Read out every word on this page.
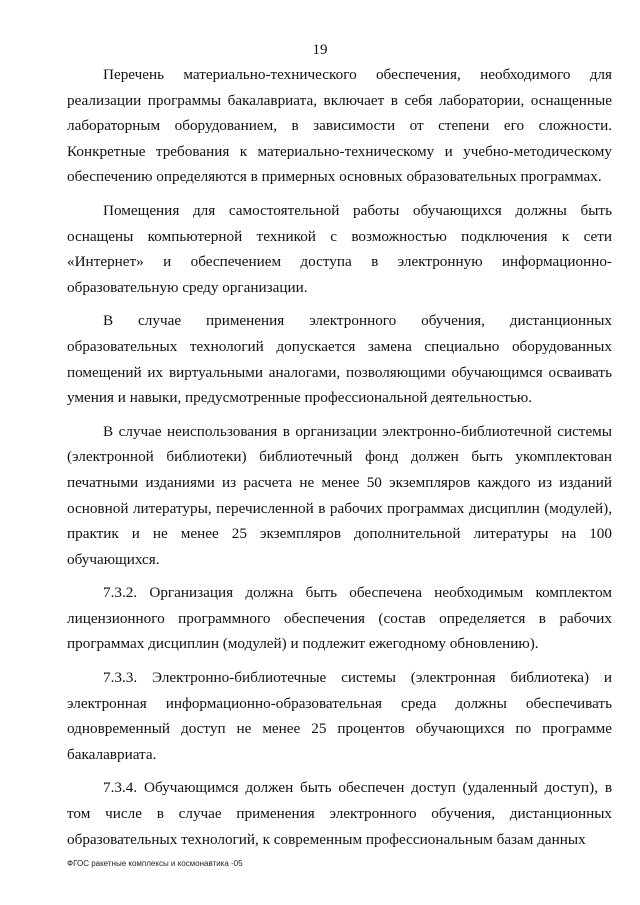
19

Перечень материально-технического обеспечения, необходимого для реализации программы бакалавриата, включает в себя лаборатории, оснащенные лабораторным оборудованием, в зависимости от степени его сложности. Конкретные требования к материально-техническому и учебно-методическому обеспечению определяются в примерных основных образовательных программах.

Помещения для самостоятельной работы обучающихся должны быть оснащены компьютерной техникой с возможностью подключения к сети «Интернет» и обеспечением доступа в электронную информационно-образовательную среду организации.

В случае применения электронного обучения, дистанционных образовательных технологий допускается замена специально оборудованных помещений их виртуальными аналогами, позволяющими обучающимся осваивать умения и навыки, предусмотренные профессиональной деятельностью.

В случае неиспользования в организации электронно-библиотечной системы (электронной библиотеки) библиотечный фонд должен быть укомплектован печатными изданиями из расчета не менее 50 экземпляров каждого из изданий основной литературы, перечисленной в рабочих программах дисциплин (модулей), практик и не менее 25 экземпляров дополнительной литературы на 100 обучающихся.

7.3.2. Организация должна быть обеспечена необходимым комплектом лицензионного программного обеспечения (состав определяется в рабочих программах дисциплин (модулей) и подлежит ежегодному обновлению).

7.3.3. Электронно-библиотечные системы (электронная библиотека) и электронная информационно-образовательная среда должны обеспечивать одновременный доступ не менее 25 процентов обучающихся по программе бакалавриата.

7.3.4. Обучающимся должен быть обеспечен доступ (удаленный доступ), в том числе в случае применения электронного обучения, дистанционных образовательных технологий, к современным профессиональным базам данных

ФГОС ракетные комплексы и космонавтика -05
